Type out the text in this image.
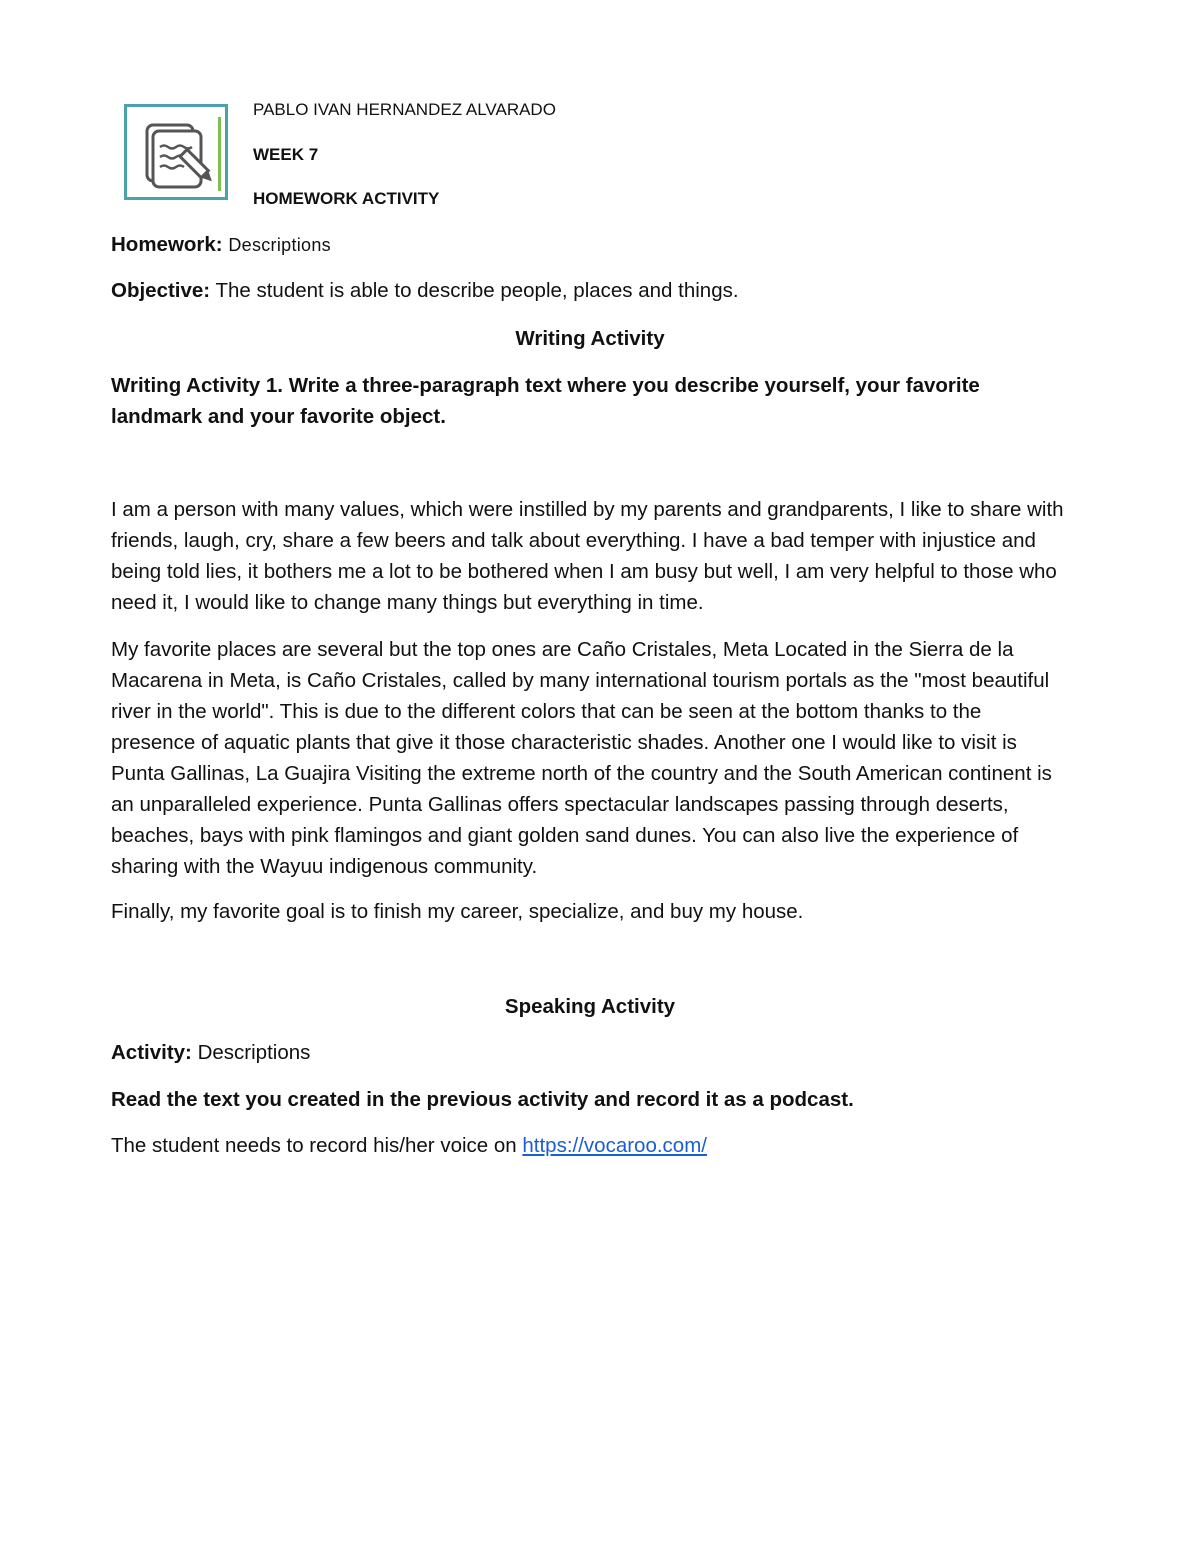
PABLO IVAN HERNANDEZ ALVARADO
WEEK 7
HOMEWORK ACTIVITY
Homework: Descriptions
Objective: The student is able to describe people, places and things.
Writing Activity

Writing Activity 1. Write a three-paragraph text where you describe yourself, your favorite landmark and your favorite object.

I am a person with many values, which were instilled by my parents and grandparents, I like to share with friends, laugh, cry, share a few beers and talk about everything. I have a bad temper with injustice and being told lies, it bothers me a lot to be bothered when I am busy but well, I am very helpful to those who need it, I would like to change many things but everything in time.

My favorite places are several but the top ones are Caño Cristales, Meta Located in the Sierra de la Macarena in Meta, is Caño Cristales, called by many international tourism portals as the "most beautiful river in the world". This is due to the different colors that can be seen at the bottom thanks to the presence of aquatic plants that give it those characteristic shades. Another one I would like to visit is Punta Gallinas, La Guajira Visiting the extreme north of the country and the South American continent is an unparalleled experience. Punta Gallinas offers spectacular landscapes passing through deserts, beaches, bays with pink flamingos and giant golden sand dunes. You can also live the experience of sharing with the Wayuu indigenous community.

Finally, my favorite goal is to finish my career, specialize, and buy my house.

Speaking Activity
Activity: Descriptions
Read the text you created in the previous activity and record it as a podcast.
The student needs to record his/her voice on https://vocaroo.com/
